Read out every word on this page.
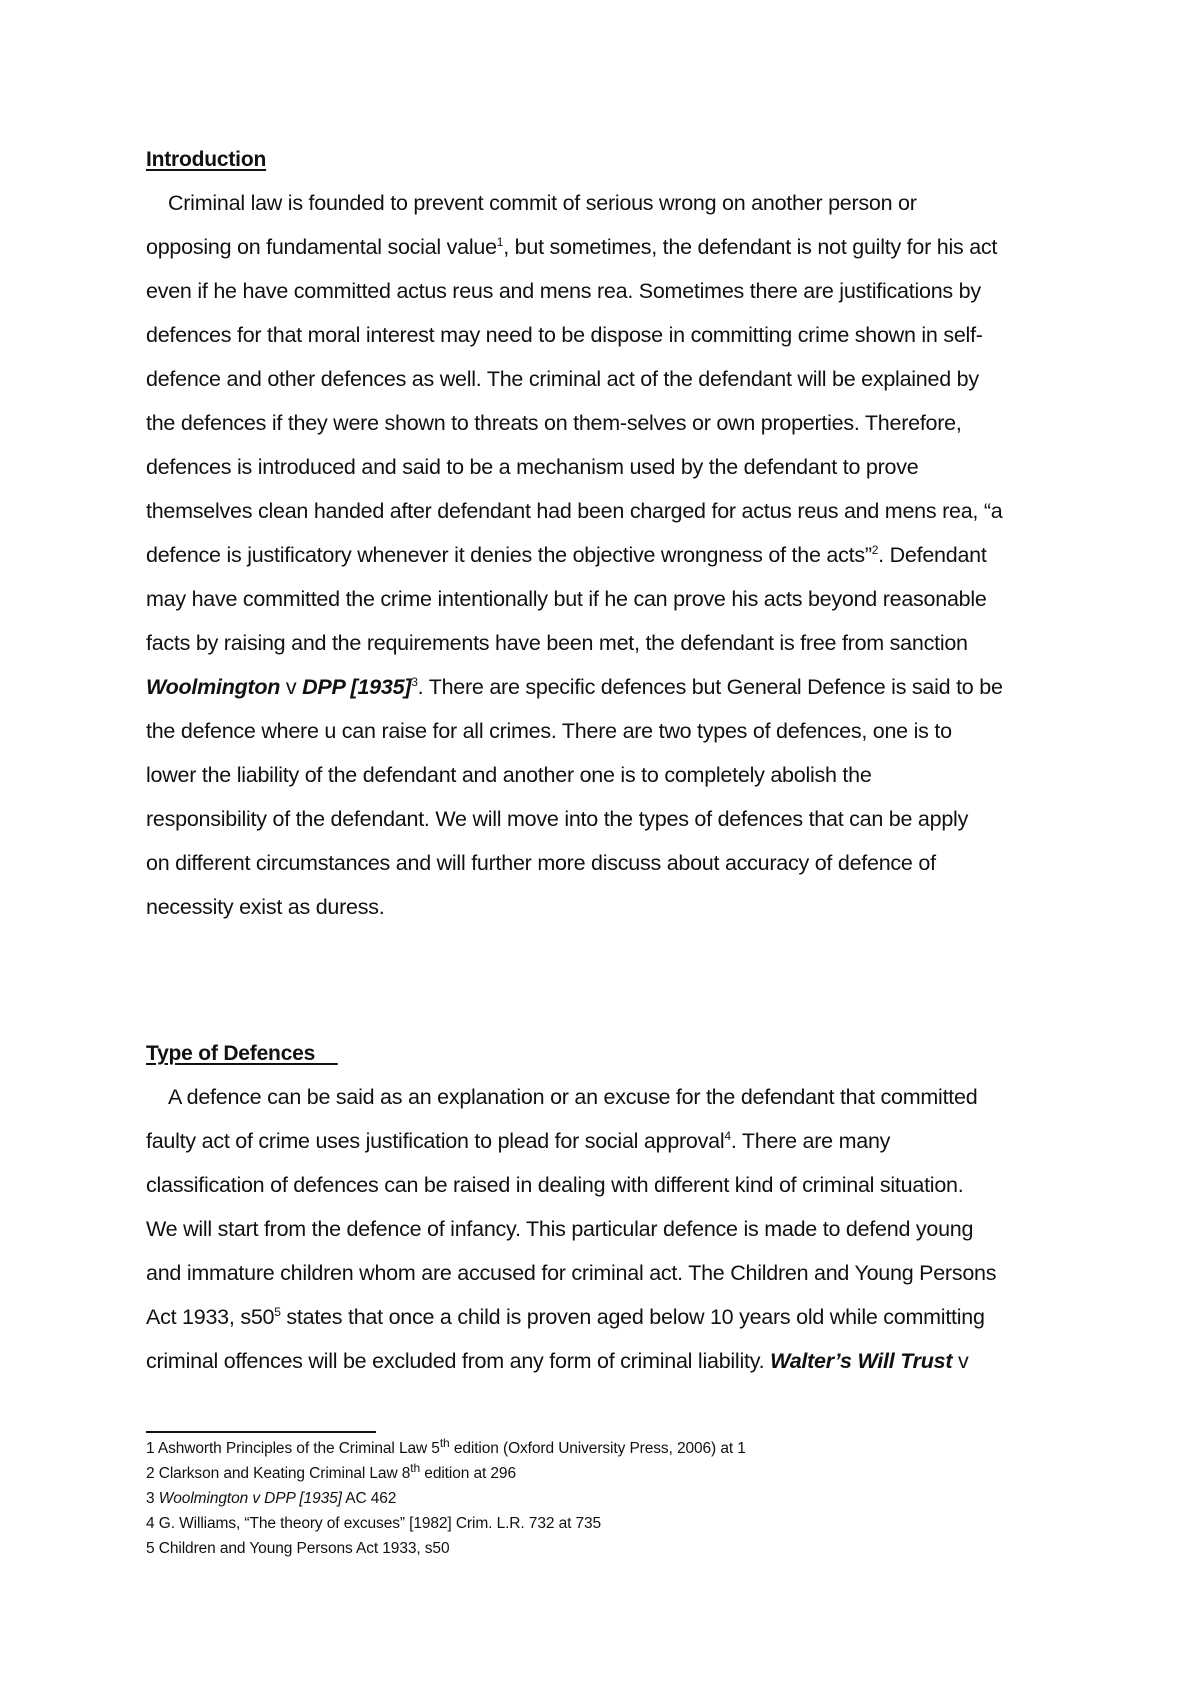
Introduction
Criminal law is founded to prevent commit of serious wrong on another person or
opposing on fundamental social value$^1$, but sometimes, the defendant is not guilty for his act
even if he have committed actus reus and mens rea. Sometimes there are justifications by
defences for that moral interest may need to be dispose in committing crime shown in self-
defence and other defences as well. The criminal act of the defendant will be explained by
the defences if they were shown to threats on them-selves or own properties. Therefore,
defences is introduced and said to be a mechanism used by the defendant to prove
themselves clean handed after defendant had been charged for actus reus and mens rea, “a
defence is justificatory whenever it denies the objective wrongness of the acts”$^2$. Defendant
may have committed the crime intentionally but if he can prove his acts beyond reasonable
facts by raising and the requirements have been met, the defendant is free from sanction
Woolmington v DPP $[1935]^3$. There are specific defences but General Defence is said to be
the defence where u can raise for all crimes. There are two types of defences, one is to
lower the liability of the defendant and another one is to completely abolish the
responsibility of the defendant. We will move into the types of defences that can be apply
on different circumstances and will further more discuss about accuracy of defence of
necessity exist as duress.
Type of Defences
A defence can be said as an explanation or an excuse for the defendant that committed
faulty act of crime uses justification to plead for social approval$^4$. There are many
classification of defences can be raised in dealing with different kind of criminal situation.
We will start from the defence of infancy. This particular defence is made to defend young
and immature children whom are accused for criminal act. The Children and Young Persons
Act 1933, $s50^5$ states that once a child is proven aged below 10 years old while committing
criminal offences will be excluded from any form of criminal liability. Walter’s Will Trust v
1 Ashworth Principles of the Criminal Law 5th edition (Oxford University Press, 2006) at 1
2 Clarkson and Keating Criminal Law 8th edition at 296
3 Woolmington v DPP [1935] AC 462
4 G. Williams, “The theory of excuses” [1982] Crim. L.R. 732 at 735
5 Children and Young Persons Act 1933, s50
